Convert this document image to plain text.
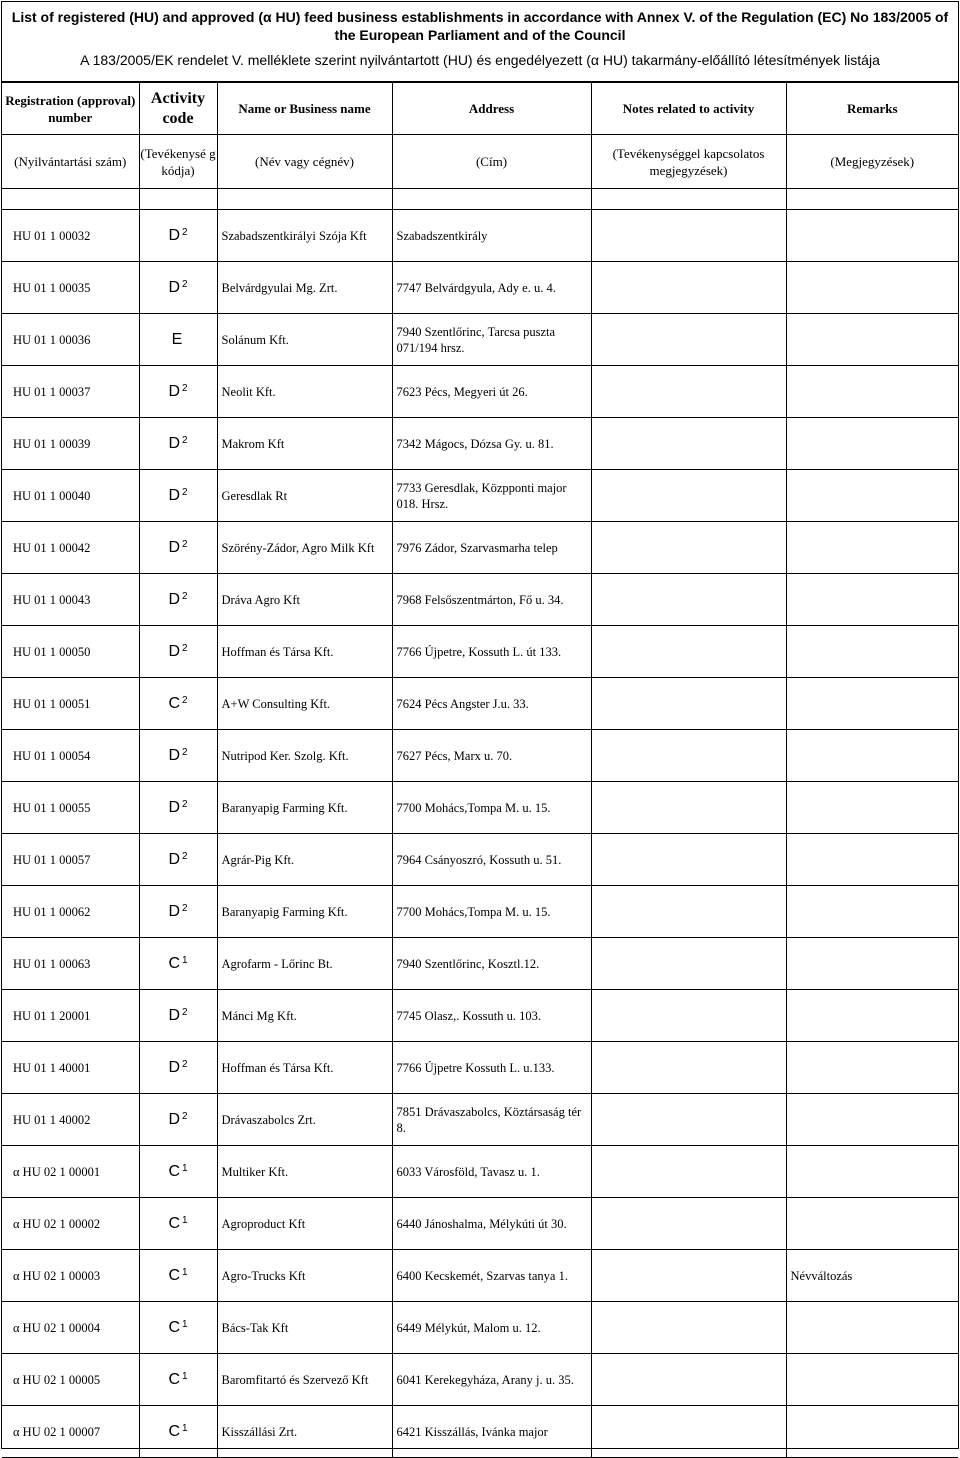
List of registered (HU) and approved (α HU) feed business establishments in accordance with Annex V. of the Regulation (EC) No 183/2005 of the European Parliament and of the Council
A 183/2005/EK rendelet V. melléklete szerint nyilvántartott (HU) és engedélyezett (α HU) takarmány-előállító létesítmények listája
Registration (approval) number	Activity code	Name or Business name	Address	Notes related to activity	Remarks
(Nyilvántartási szám)	(Tevékenysé g kódja)	(Név vagy cégnév)	(Cím)	(Tevékenységgel kapcsolatos megjegyzések)	(Megjegyzések)

HU 01 1 00032	D $^2$	Szabadszentkirályi Szója Kft	Szabadszentkirály		
HU 01 1 00035	D $^2$	Belvárdgyulai Mg. Zrt.	7747 Belvárdgyula, Ady e. u. 4.		
HU 01 1 00036	E	Solánum Kft.	7940 Szentlőrinc, Tarcsa puszta 071/194 hrsz.		
HU 01 1 00037	D $^2$	Neolit Kft.	7623 Pécs, Megyeri út 26.		
HU 01 1 00039	D $^2$	Makrom Kft	7342 Mágocs, Dózsa Gy. u. 81.		
HU 01 1 00040	D $^2$	Geresdlak Rt	7733 Geresdlak, Közpponti major 018. Hrsz.		
HU 01 1 00042	D $^2$	Szörény-Zádor, Agro Milk Kft	7976 Zádor, Szarvasmarha telep		
HU 01 1 00043	D $^2$	Dráva Agro Kft	7968 Felsőszentmárton, Fő u. 34.		
HU 01 1 00050	D $^2$	Hoffman és Társa Kft.	7766 Újpetre, Kossuth L. út 133.		
HU 01 1 00051	C $^2$	A+W Consulting Kft.	7624 Pécs Angster J.u. 33.		
HU 01 1 00054	D $^2$	Nutripod Ker. Szolg. Kft.	7627 Pécs, Marx u. 70.		
HU 01 1 00055	D $^2$	Baranyapig Farming Kft.	7700 Mohács,Tompa M. u. 15.		
HU 01 1 00057	D $^2$	Agrár-Pig Kft.	7964 Csányoszró, Kossuth u. 51.		
HU 01 1 00062	D $^2$	Baranyapig Farming Kft.	7700 Mohács,Tompa M. u. 15.		
HU 01 1 00063	C $^1$	Agrofarm - Lőrinc Bt.	7940 Szentlőrinc, Kosztl.12.		
HU 01 1 20001	D $^2$	Mánci Mg Kft.	7745 Olasz,. Kossuth u. 103.		
HU 01 1 40001	D $^2$	Hoffman és Társa Kft.	7766 Újpetre Kossuth L. u.133.		
HU 01 1 40002	D $^2$	Drávaszabolcs Zrt.	7851 Drávaszabolcs, Köztársaság tér 8.		
α HU 02 1 00001	C $^1$	Multiker Kft.	6033 Városföld, Tavasz u. 1.		
α HU 02 1 00002	C $^1$	Agroproduct Kft	6440 Jánoshalma, Mélykúti út 30.		
α HU 02 1 00003	C $^1$	Agro-Trucks Kft	6400 Kecskemét, Szarvas tanya 1.		Névváltozás
α HU 02 1 00004	C $^1$	Bács-Tak Kft	6449 Mélykút, Malom u. 12.		
α HU 02 1 00005	C $^1$	Baromfitartó és Szervező Kft	6041 Kerekegyháza, Arany j. u. 35.		
α HU 02 1 00007	C $^1$	Kisszállási Zrt.	6421 Kisszállás, Ivánka major		
